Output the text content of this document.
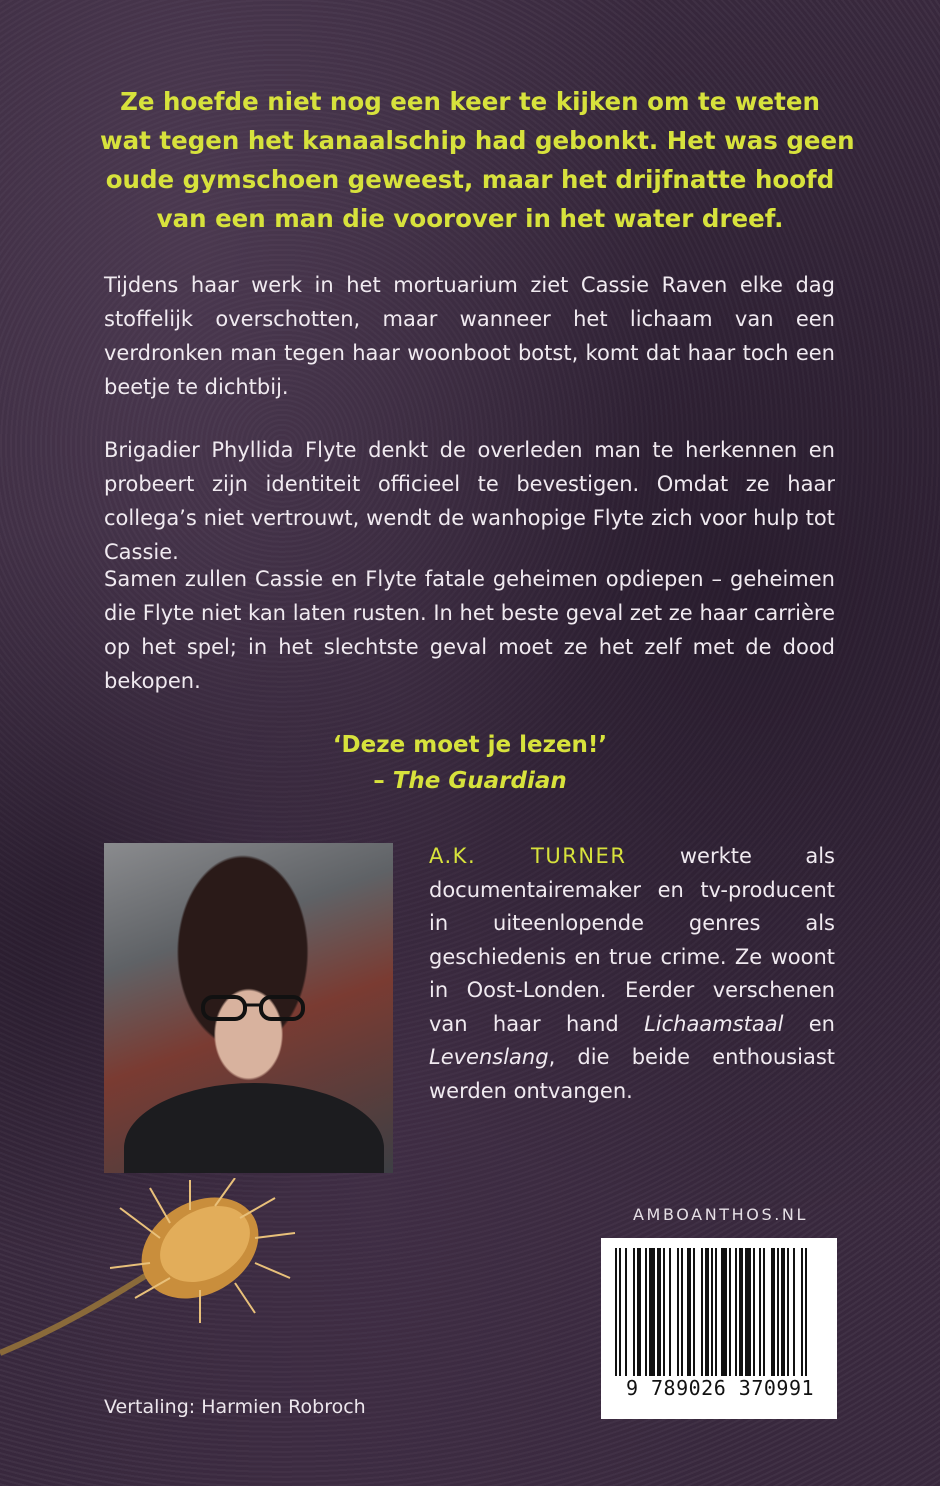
Ze hoefde niet nog een keer te kijken om te weten
wat tegen het kanaalschip had gebonkt. Het was geen
oude gymschoen geweest, maar het drijfnatte hoofd
van een man die voorover in het water dreef.
Tijdens haar werk in het mortuarium ziet Cassie Raven elke dag stoffelijk overschotten, maar wanneer het lichaam van een verdronken man tegen haar woonboot botst, komt dat haar toch een beetje te dichtbij.
Brigadier Phyllida Flyte denkt de overleden man te herkennen en probeert zijn identiteit officieel te bevestigen. Omdat ze haar collega’s niet vertrouwt, wendt de wanhopige Flyte zich voor hulp tot Cassie.
Samen zullen Cassie en Flyte fatale geheimen opdiepen – geheimen die Flyte niet kan laten rusten. In het beste geval zet ze haar carrière op het spel; in het slechtste geval moet ze het zelf met de dood bekopen.
‘Deze moet je lezen!’
– The Guardian
A.K. TURNER werkte als documentairemaker en tv-producent in uiteenlopende genres als geschiedenis en true crime. Ze woont in Oost-Londen. Eerder verschenen van haar hand Lichaamstaal en Levenslang, die beide enthousiast werden ontvangen.
AMBOANTHOS.NL
9 789026 370991
Vertaling: Harmien Robroch
